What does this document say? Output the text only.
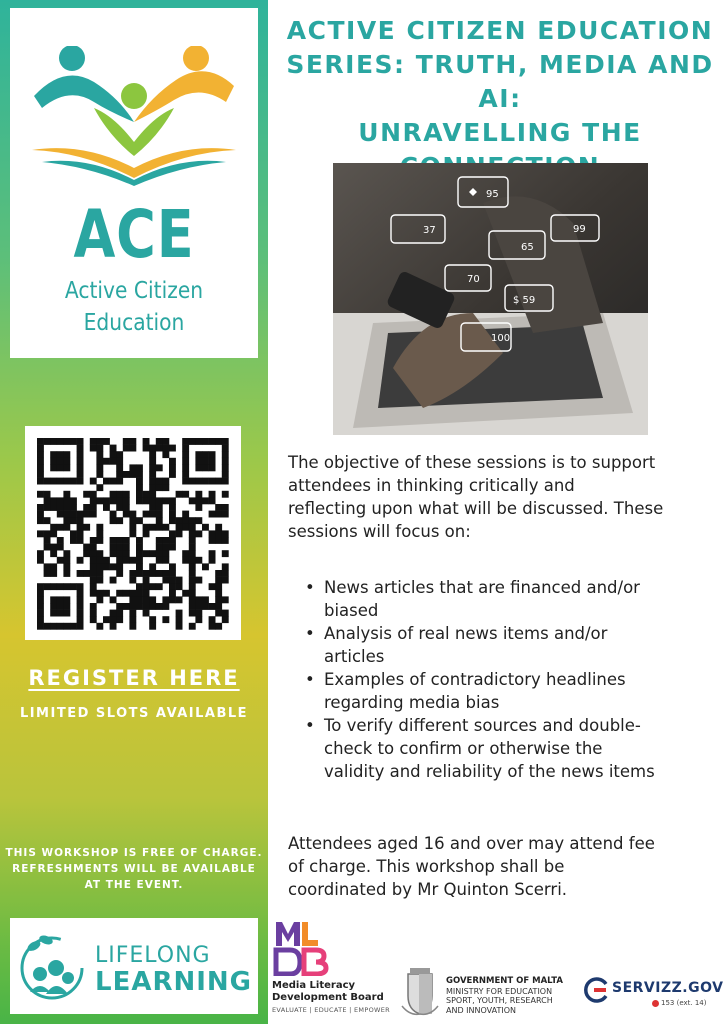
ACE
Active Citizen
Education
REGISTER HERE
LIMITED SLOTS AVAILABLE
THIS WORKSHOP IS FREE OF CHARGE.
REFRESHMENTS WILL BE AVAILABLE
AT THE EVENT.
LIFELONG
LEARNING
ACTIVE CITIZEN EDUCATION
SERIES: TRUTH, MEDIA AND AI:
UNRAVELLING THE
95
37
65
99
70
$ 59
100
The objective of these sessions is to support
attendees in thinking critically and
reflecting upon what will be discussed. These
sessions will focus on:
• News articles that are financed and/or
biased
• Analysis of real news items and/or
articles
• Examples of contradictory headlines
regarding media bias
• To verify different sources and double-
check to confirm or otherwise the
validity and reliability of the news items
Attendees aged 16 and over may attend fee
of charge. This workshop shall be
coordinated by Mr Quinton Scerri.
Media Literacy
Development Board
EVALUATE | EDUCATE | EMPOWER
GOVERNMENT OF MALTA
MINISTRY FOR EDUCATION
SPORT, YOUTH, RESEARCH
AND INNOVATION
SERVIZZ.GOV
153 (ext. 14)
